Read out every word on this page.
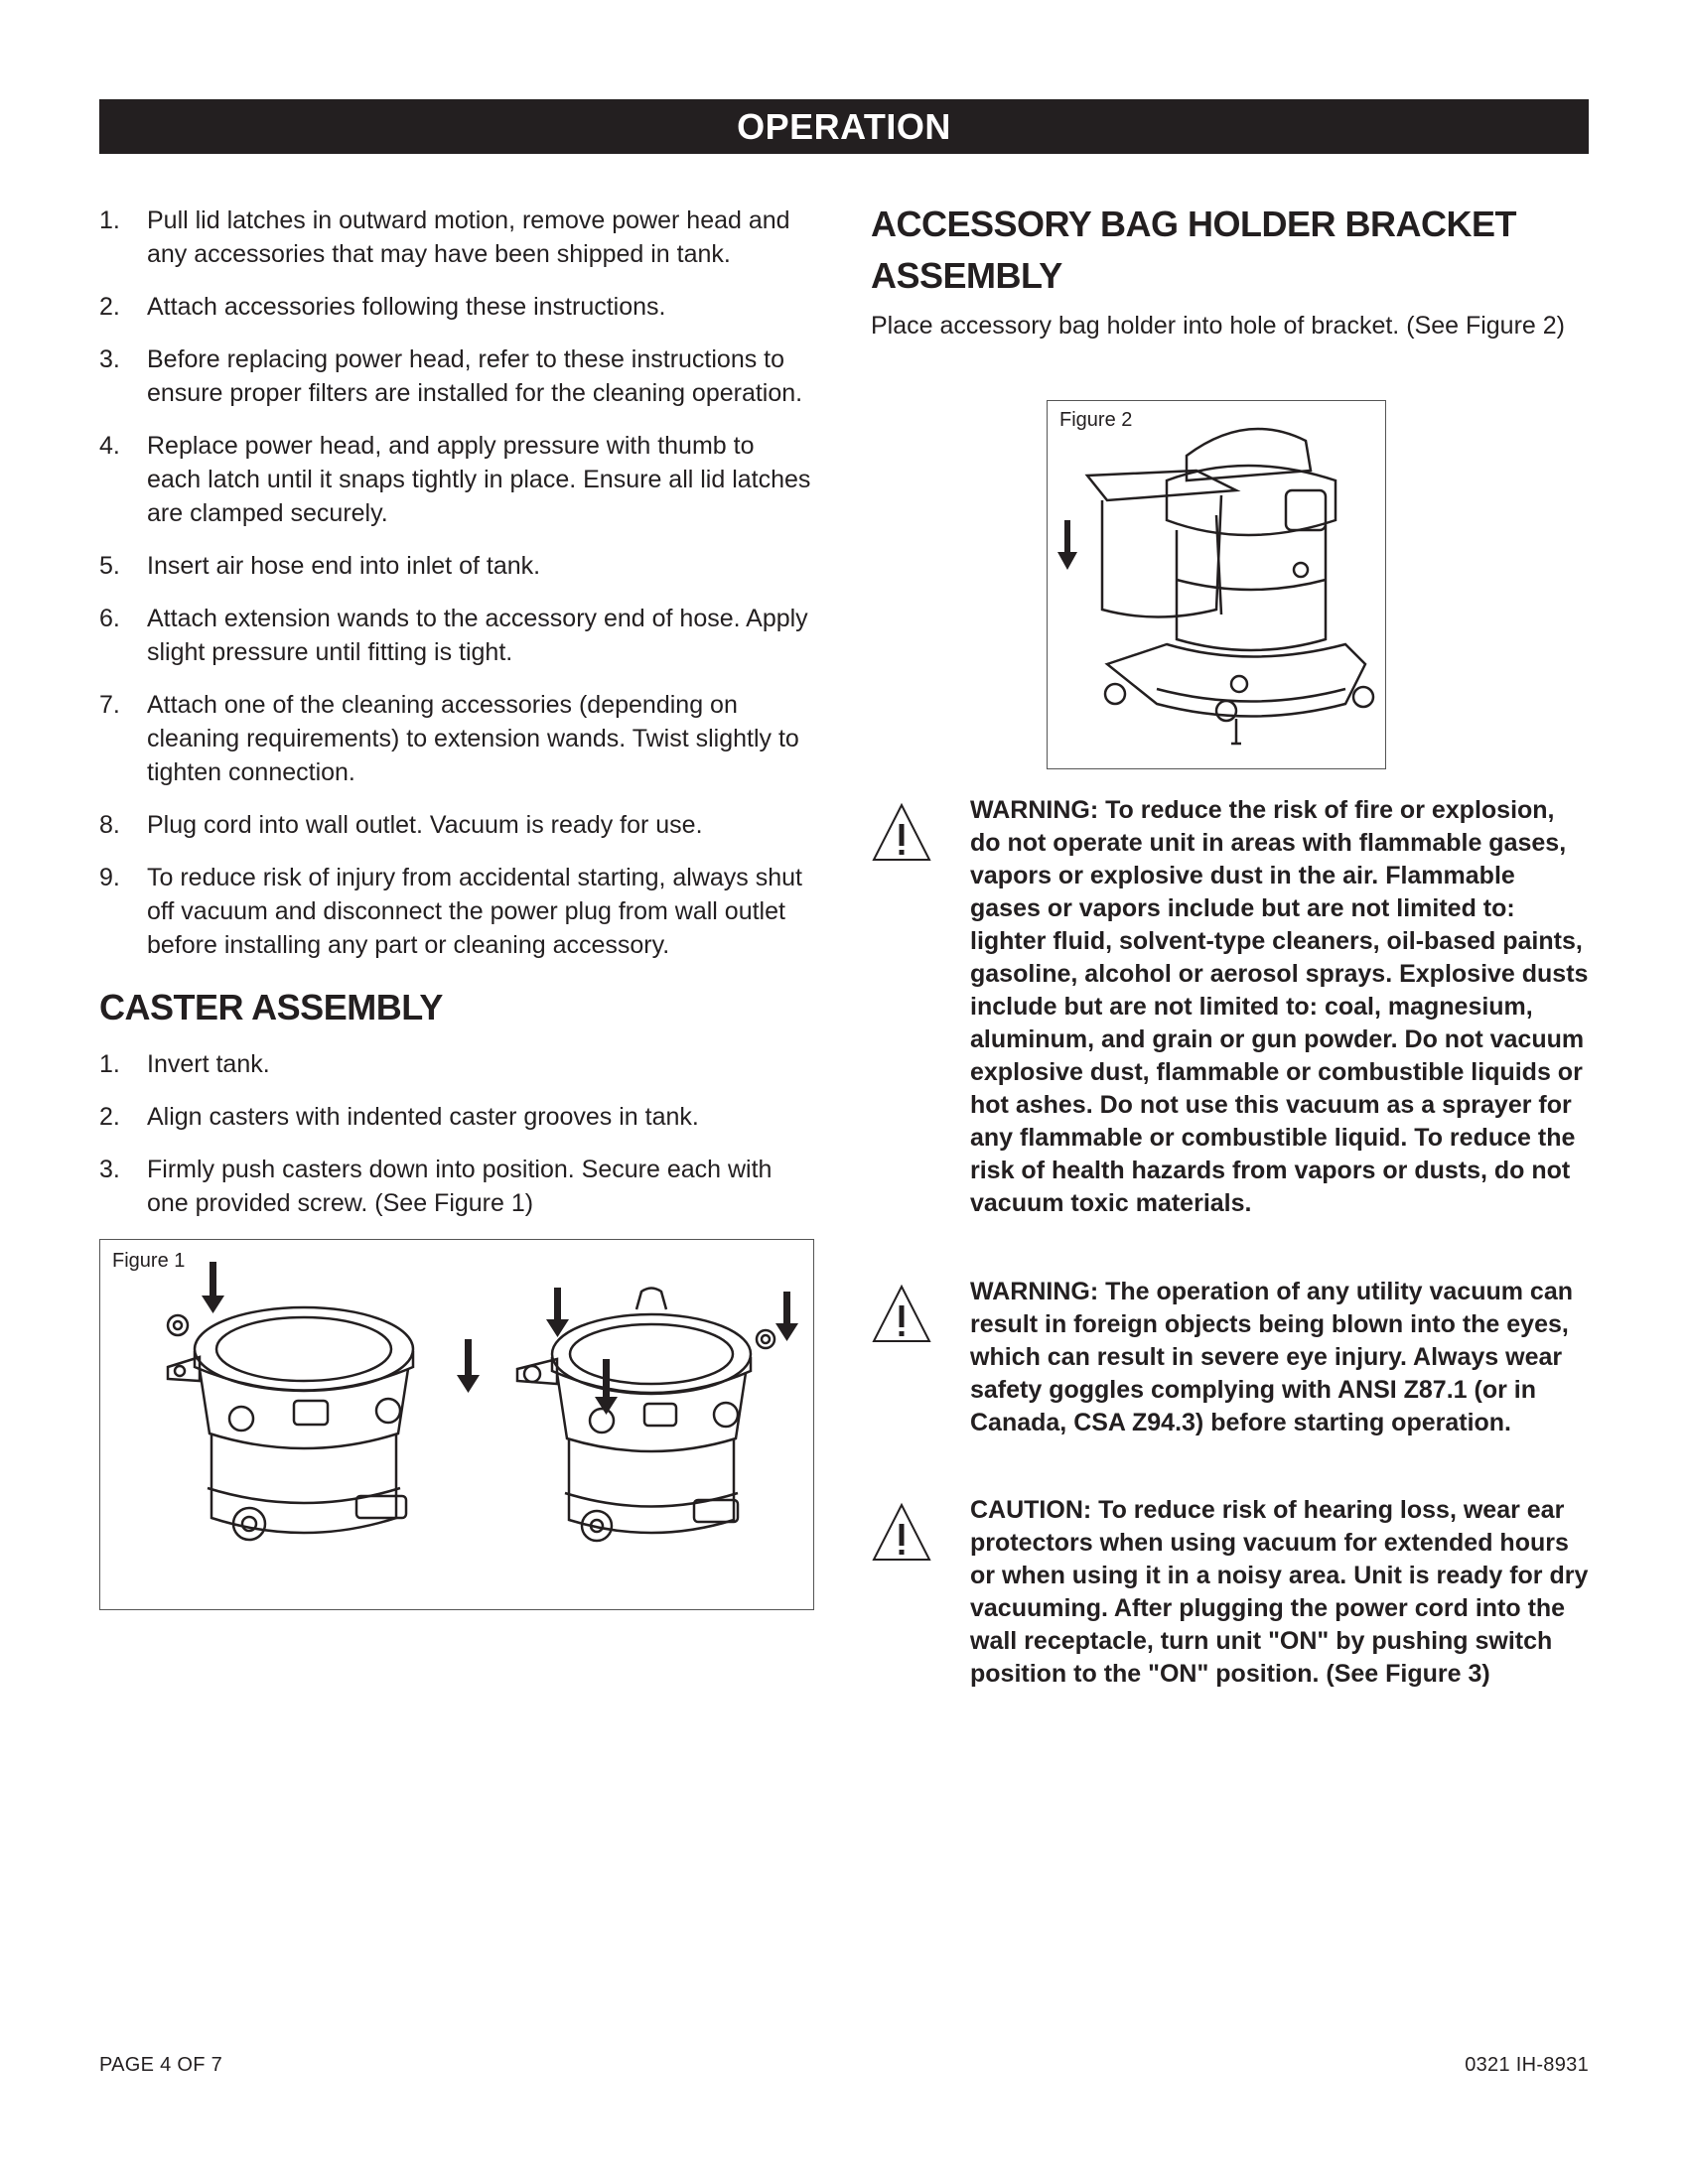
OPERATION
1. Pull lid latches in outward motion, remove power head and any accessories that may have been shipped in tank.
2. Attach accessories following these instructions.
3. Before replacing power head, refer to these instructions to ensure proper filters are installed for the cleaning operation.
4. Replace power head, and apply pressure with thumb to each latch until it snaps tightly in place. Ensure all lid latches are clamped securely.
5. Insert air hose end into inlet of tank.
6. Attach extension wands to the accessory end of hose. Apply slight pressure until fitting is tight.
7. Attach one of the cleaning accessories (depending on cleaning requirements) to extension wands. Twist slightly to tighten connection.
8. Plug cord into wall outlet. Vacuum is ready for use.
9. To reduce risk of injury from accidental starting, always shut off vacuum and disconnect the power plug from wall outlet before installing any part or cleaning accessory.
CASTER ASSEMBLY
1. Invert tank.
2. Align casters with indented caster grooves in tank.
3. Firmly push casters down into position. Secure each with one provided screw. (See Figure 1)
Figure 1
ACCESSORY BAG HOLDER BRACKET ASSEMBLY
Place accessory bag holder into hole of bracket. (See Figure 2)
Figure 2
WARNING: To reduce the risk of fire or explosion, do not operate unit in areas with flammable gases, vapors or explosive dust in the air. Flammable gases or vapors include but are not limited to: lighter fluid, solvent-type cleaners, oil-based paints, gasoline, alcohol or aerosol sprays. Explosive dusts include but are not limited to: coal, magnesium, aluminum, and grain or gun powder. Do not vacuum explosive dust, flammable or combustible liquids or hot ashes. Do not use this vacuum as a sprayer for any flammable or combustible liquid. To reduce the risk of health hazards from vapors or dusts, do not vacuum toxic materials.
WARNING: The operation of any utility vacuum can result in foreign objects being blown into the eyes, which can result in severe eye injury. Always wear safety goggles complying with ANSI Z87.1 (or in Canada, CSA Z94.3) before starting operation.
CAUTION: To reduce risk of hearing loss, wear ear protectors when using vacuum for extended hours or when using it in a noisy area. Unit is ready for dry vacuuming. After plugging the power cord into the wall receptacle, turn unit "ON" by pushing switch position to the "ON" position. (See Figure 3)
PAGE 4 OF 7	0321 IH-8931
